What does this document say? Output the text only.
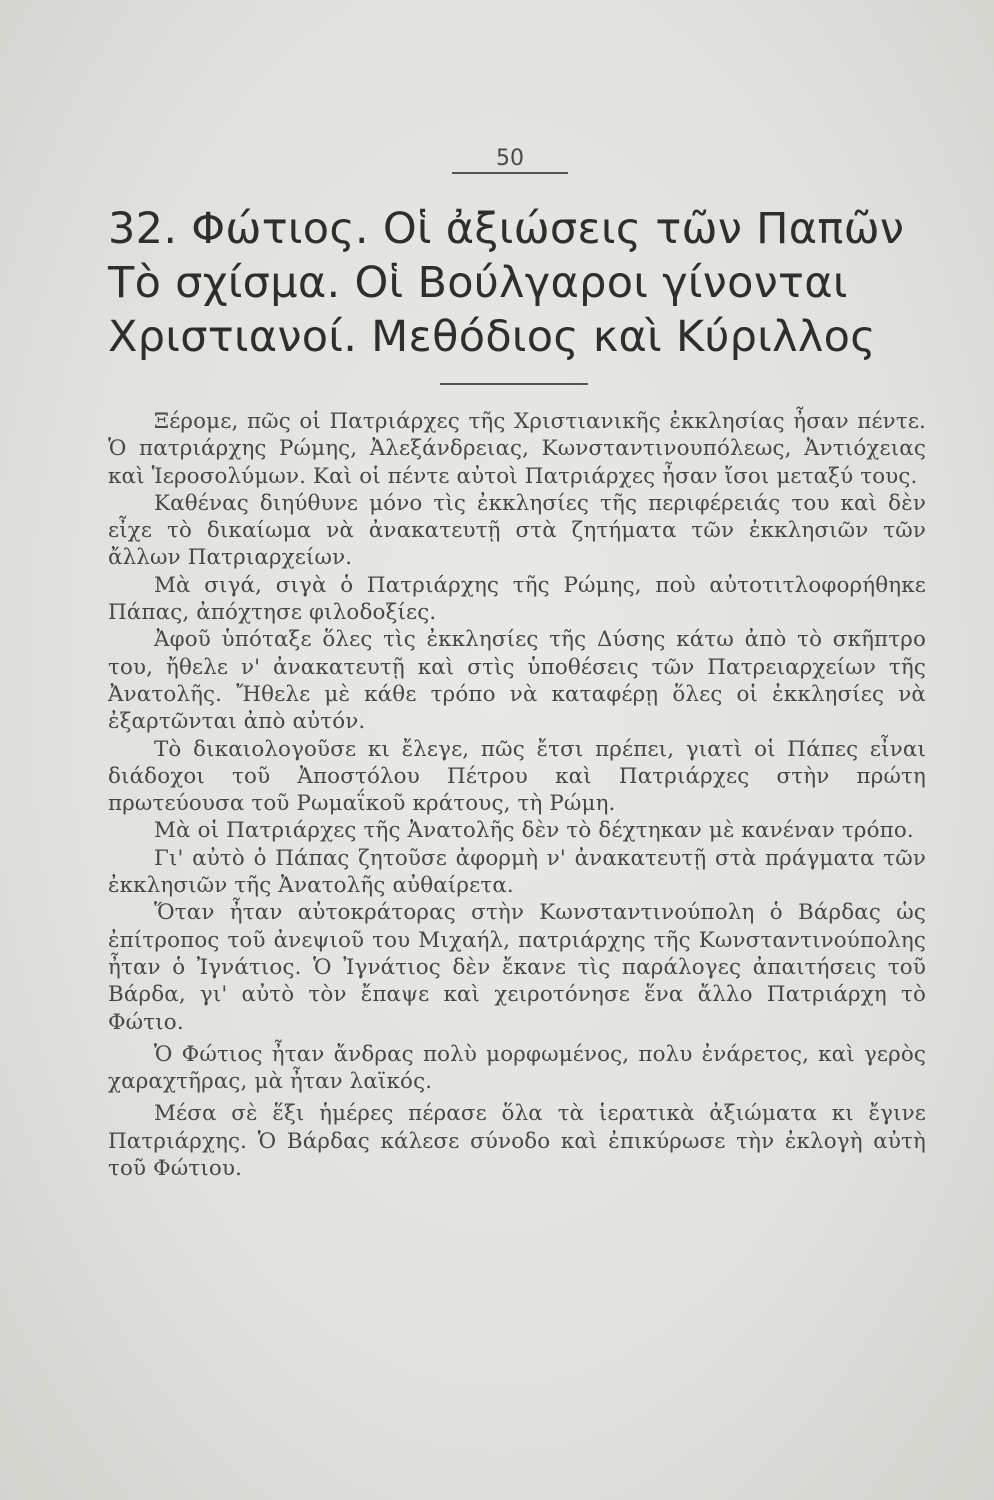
50
32. Φώτιος. Οἱ ἀξιώσεις τῶν Παπῶν
Τὸ σχίσμα. Οἱ Βούλγαροι γίνονται
Χριστιανοί. Μεθόδιος καὶ Κύριλλος

Ξέρομε, πῶς οἱ Πατριάρχες τῆς Χριστιανικῆς ἐκκλησίας ἦσαν πέντε. Ὁ πατριάρχης Ρώμης, Ἀλεξάνδρειας, Κωνσταντινουπόλεως, Ἀντιόχειας καὶ Ἱεροσολύμων. Καὶ οἱ πέντε αὐτοὶ Πατριάρχες ἦσαν ἴσοι μεταξύ τους.

Καθένας διηύθυνε μόνο τὶς ἐκκλησίες τῆς περιφέρειάς του καὶ δὲν εἶχε τὸ δικαίωμα νὰ ἀνακατευτῇ στὰ ζητήματα τῶν ἐκκλησιῶν τῶν ἄλλων Πατριαρχείων.

Μὰ σιγά, σιγὰ ὁ Πατριάρχης τῆς Ρώμης, ποὺ αὐτοτιτλοφορήθηκε Πάπας, ἀπόχτησε φιλοδοξίες.

Ἀφοῦ ὑπόταξε ὅλες τὶς ἐκκλησίες τῆς Δύσης κάτω ἀπὸ τὸ σκῆπτρο του, ἤθελε ν' ἀνακατευτῇ καὶ στὶς ὑποθέσεις τῶν Πατρειαρχείων τῆς Ἀνατολῆς. Ἤθελε μὲ κάθε τρόπο νὰ καταφέρῃ ὅλες οἱ ἐκκλησίες νὰ ἐξαρτῶνται ἀπὸ αὐτόν.

Τὸ δικαιολογοῦσε κι ἔλεγε, πῶς ἔτσι πρέπει, γιατὶ οἱ Πάπες εἶναι διάδοχοι τοῦ Ἀποστόλου Πέτρου καὶ Πατριάρχες στὴν πρώτη πρωτεύουσα τοῦ Ρωμαΐκοῦ κράτους, τὴ Ρώμη.

Μὰ οἱ Πατριάρχες τῆς Ἀνατολῆς δὲν τὸ δέχτηκαν μὲ κανέναν τρόπο.

Γι' αὐτὸ ὁ Πάπας ζητοῦσε ἀφορμὴ ν' ἀνακατευτῇ στὰ πράγματα τῶν ἐκκλησιῶν τῆς Ἀνατολῆς αὐθαίρετα.

Ὅταν ἦταν αὐτοκράτορας στὴν Κωνσταντινούπολη ὁ Βάρδας ὡς ἐπίτροπος τοῦ ἀνεψιοῦ του Μιχαήλ, πατριάρχης τῆς Κωνσταντινούπολης ἦταν ὁ Ἰγνάτιος. Ὁ Ἰγνάτιος δὲν ἔκανε τὶς παράλογες ἀπαιτήσεις τοῦ Βάρδα, γι' αὐτὸ τὸν ἔπαψε καὶ χειροτόνησε ἕνα ἄλλο Πατριάρχη τὸ Φώτιο.

Ὁ Φώτιος ἦταν ἄνδρας πολὺ μορφωμένος, πολυ ἐνάρετος, καὶ γερὸς χαραχτῆρας, μὰ ἦταν λαϊκός.

Μέσα σὲ ἕξι ἡμέρες πέρασε ὅλα τὰ ἱερατικὰ ἀξιώματα κι ἔγινε Πατριάρχης. Ὁ Βάρδας κάλεσε σύνοδο καὶ ἐπικύρωσε τὴν ἐκλογὴ αὐτὴ τοῦ Φώτιου.
